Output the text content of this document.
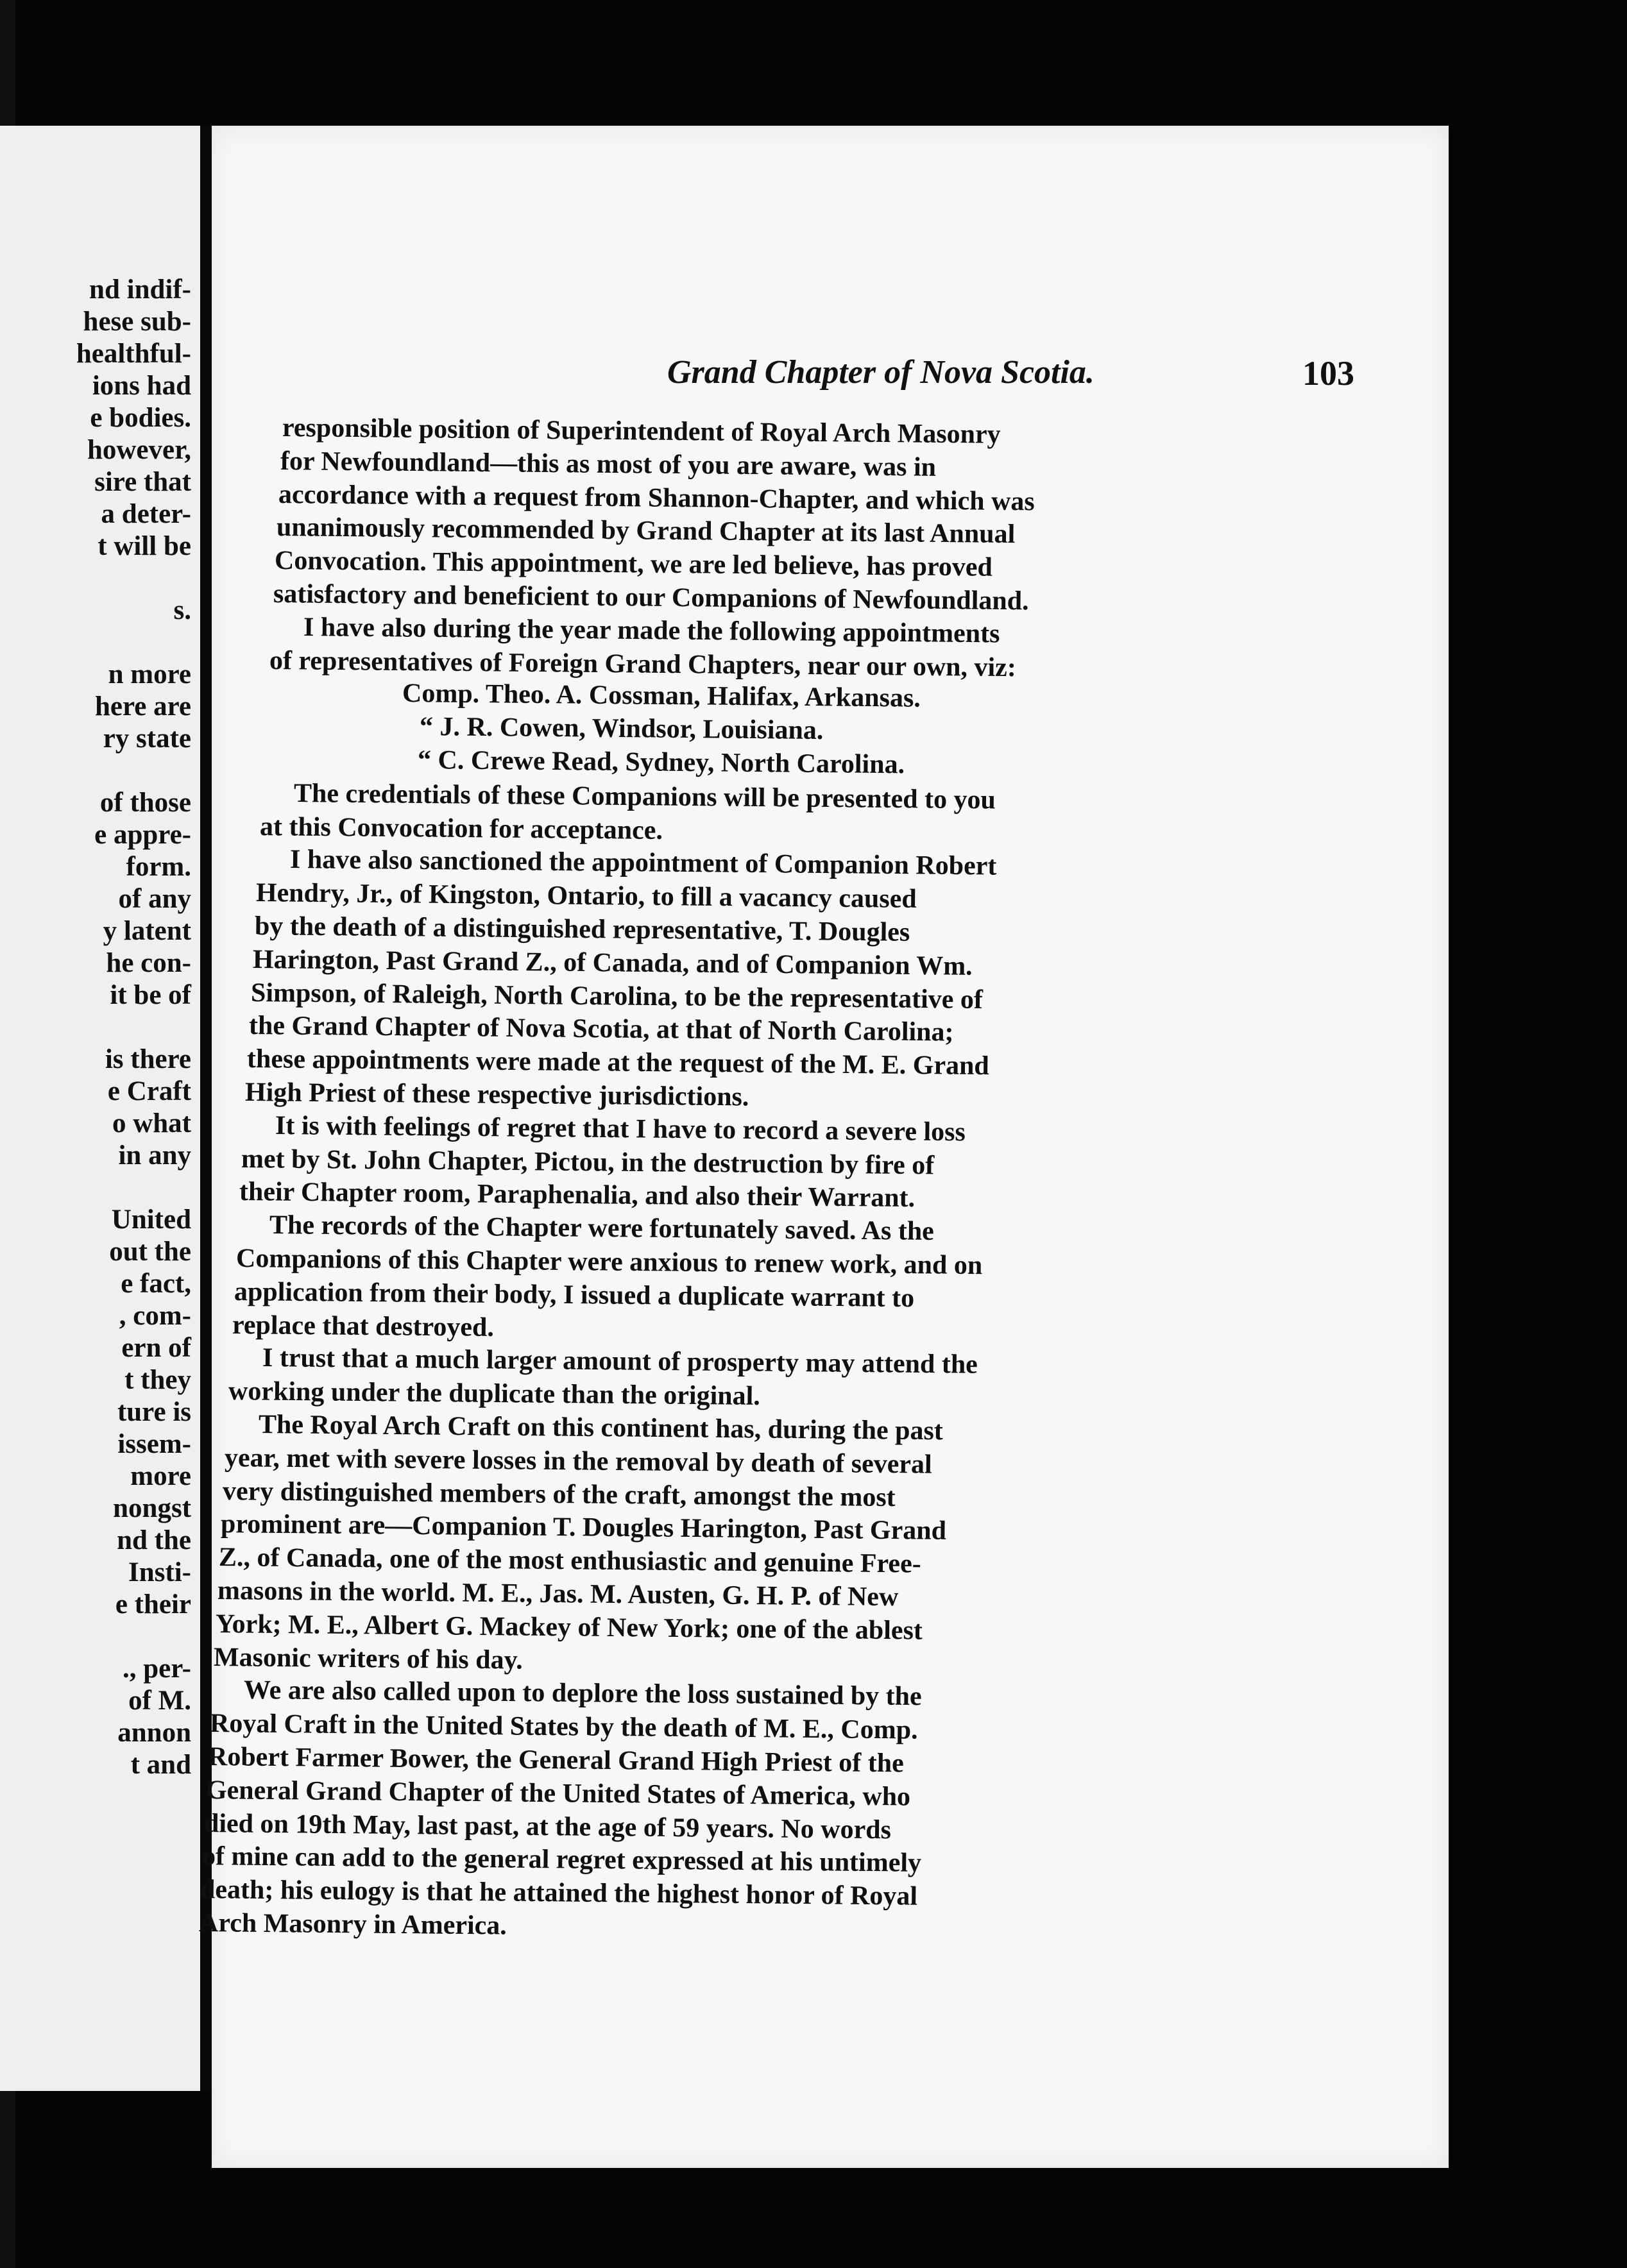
nd indif-
hese sub-
healthful-
ions had
e bodies.
however,
sire that
a deter-
t will be
s.
n more
here are
ry state
of those
e appre-
form.
of any
y latent
he con-
it be of
is there
e Craft
o what
in any
United
out the
e fact,
, com-
ern of
t they
ture is
issem-
more
nongst
nd the
Insti-
e their
., per-
of M.
annon
t and
Grand Chapter of Nova Scotia.	103
responsible position of Superintendent of Royal Arch Masonry
for Newfoundland—this as most of you are aware, was in
accordance with a request from Shannon-Chapter, and which was
unanimously recommended by Grand Chapter at its last Annual
Convocation. This appointment, we are led believe, has proved
satisfactory and beneficient to our Companions of Newfoundland.
I have also during the year made the following appointments
of representatives of Foreign Grand Chapters, near our own, viz:
Comp. Theo. A. Cossman, Halifax, Arkansas.
“ J. R. Cowen, Windsor, Louisiana.
“ C. Crewe Read, Sydney, North Carolina.
The credentials of these Companions will be presented to you
at this Convocation for acceptance.
I have also sanctioned the appointment of Companion Robert
Hendry, Jr., of Kingston, Ontario, to fill a vacancy caused
by the death of a distinguished representative, T. Dougles
Harington, Past Grand Z., of Canada, and of Companion Wm.
Simpson, of Raleigh, North Carolina, to be the representative of
the Grand Chapter of Nova Scotia, at that of North Carolina;
these appointments were made at the request of the M. E. Grand
High Priest of these respective jurisdictions.
It is with feelings of regret that I have to record a severe loss
met by St. John Chapter, Pictou, in the destruction by fire of
their Chapter room, Paraphenalia, and also their Warrant.
The records of the Chapter were fortunately saved. As the
Companions of this Chapter were anxious to renew work, and on
application from their body, I issued a duplicate warrant to
replace that destroyed.
I trust that a much larger amount of prosperty may attend the
working under the duplicate than the original.
The Royal Arch Craft on this continent has, during the past
year, met with severe losses in the removal by death of several
very distinguished members of the craft, amongst the most
prominent are—Companion T. Dougles Harington, Past Grand
Z., of Canada, one of the most enthusiastic and genuine Free-
masons in the world. M. E., Jas. M. Austen, G. H. P. of New
York; M. E., Albert G. Mackey of New York; one of the ablest
Masonic writers of his day.
We are also called upon to deplore the loss sustained by the
Royal Craft in the United States by the death of M. E., Comp.
Robert Farmer Bower, the General Grand High Priest of the
General Grand Chapter of the United States of America, who
died on 19th May, last past, at the age of 59 years. No words
of mine can add to the general regret expressed at his untimely
death; his eulogy is that he attained the highest honor of Royal
Arch Masonry in America.
